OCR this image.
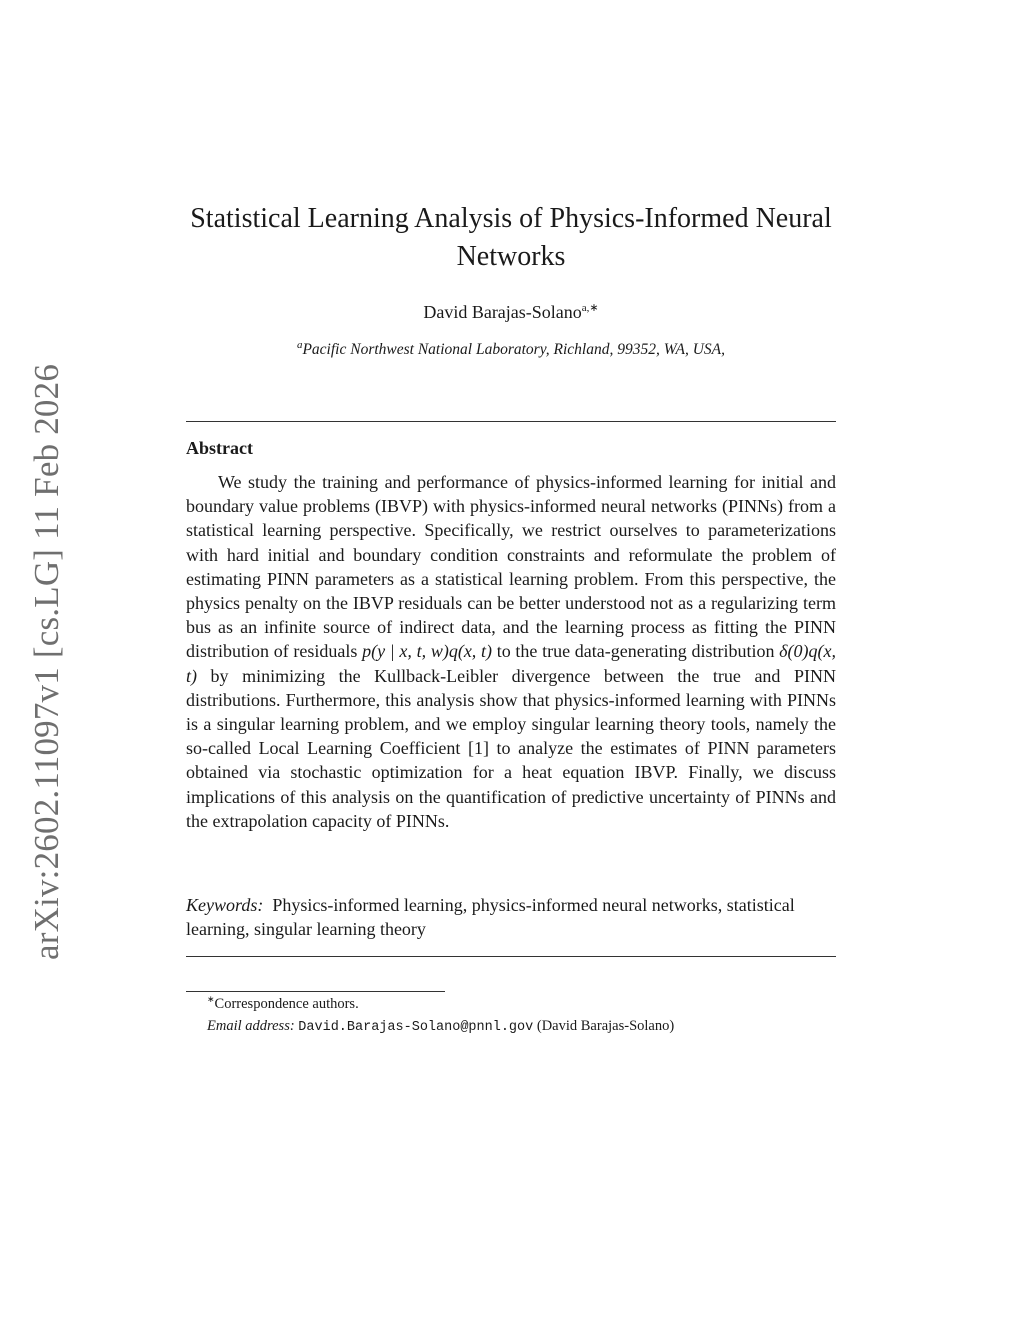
arXiv:2602.11097v1 [cs.LG] 11 Feb 2026
Statistical Learning Analysis of Physics-Informed Neural Networks
David Barajas-Solano$^{a,∗}$
$^a$Pacific Northwest National Laboratory, Richland, 99352, WA, USA,
Abstract

We study the training and performance of physics-informed learning for initial and boundary value problems (IBVP) with physics-informed neural networks (PINNs) from a statistical learning perspective. Specifically, we restrict ourselves to parameterizations with hard initial and boundary condition constraints and reformulate the problem of estimating PINN parameters as a statistical learning problem. From this perspective, the physics penalty on the IBVP residuals can be better understood not as a regularizing term bus as an infinite source of indirect data, and the learning process as fitting the PINN distribution of residuals p(y | x, t, w)q(x, t) to the true data-generating distribution δ(0)q(x, t) by minimizing the Kullback-Leibler divergence between the true and PINN distributions. Furthermore, this analysis show that physics-informed learning with PINNs is a singular learning problem, and we employ singular learning theory tools, namely the so-called Local Learning Coefficient [1] to analyze the estimates of PINN parameters obtained via stochastic optimization for a heat equation IBVP. Finally, we discuss implications of this analysis on the quantification of predictive uncertainty of PINNs and the extrapolation capacity of PINNs.

Keywords: Physics-informed learning, physics-informed neural networks, statistical learning, singular learning theory

∗Correspondence authors.
Email address: David.Barajas-Solano@pnnl.gov (David Barajas-Solano)
